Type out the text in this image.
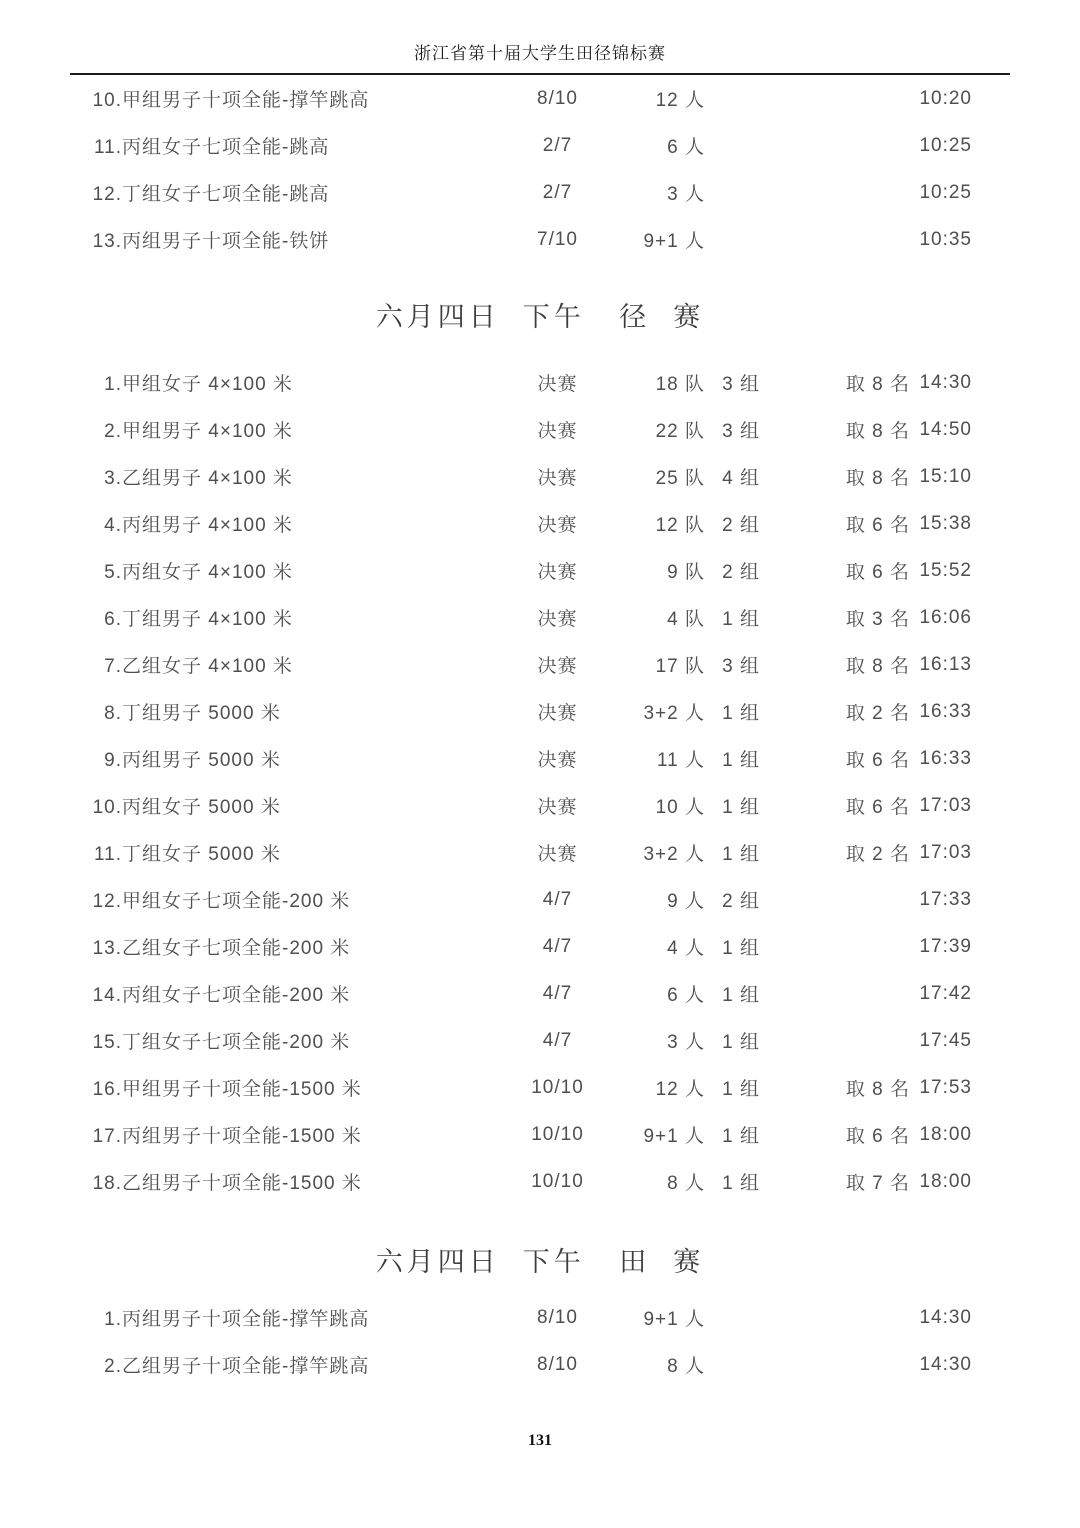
浙江省第十届大学生田径锦标赛
10.甲组男子十项全能-撑竿跳高	8/10	12 人	10:20
11.丙组女子七项全能-跳高	2/7	6 人	10:25
12.丁组女子七项全能-跳高	2/7	3 人	10:25
13.丙组男子十项全能-铁饼	7/10	9+1 人	10:35
六月四日  下午   径  赛
1.甲组女子 4×100 米	决赛	18 队 3 组	取 8 名 14:30
2.甲组男子 4×100 米	决赛	22 队 3 组	取 8 名 14:50
3.乙组男子 4×100 米	决赛	25 队 4 组	取 8 名 15:10
4.丙组男子 4×100 米	决赛	12 队 2 组	取 6 名 15:38
5.丙组女子 4×100 米	决赛	9 队 2 组	取 6 名 15:52
6.丁组男子 4×100 米	决赛	4 队 1 组	取 3 名 16:06
7.乙组女子 4×100 米	决赛	17 队 3 组	取 8 名 16:13
8.丁组男子 5000 米	决赛	3+2 人 1 组	取 2 名 16:33
9.丙组男子 5000 米	决赛	11 人 1 组	取 6 名 16:33
10.丙组女子 5000 米	决赛	10 人 1 组	取 6 名 17:03
11.丁组女子 5000 米	决赛	3+2 人 1 组	取 2 名 17:03
12.甲组女子七项全能-200 米	4/7	9 人 2 组	17:33
13.乙组女子七项全能-200 米	4/7	4 人 1 组	17:39
14.丙组女子七项全能-200 米	4/7	6 人 1 组	17:42
15.丁组女子七项全能-200 米	4/7	3 人 1 组	17:45
16.甲组男子十项全能-1500 米	10/10	12 人 1 组	取 8 名 17:53
17.丙组男子十项全能-1500 米	10/10	9+1 人 1 组	取 6 名 18:00
18.乙组男子十项全能-1500 米	10/10	8 人 1 组	取 7 名 18:00
六月四日  下午   田  赛
1.丙组男子十项全能-撑竿跳高	8/10	9+1 人	14:30
2.乙组男子十项全能-撑竿跳高	8/10	8 人	14:30
131
